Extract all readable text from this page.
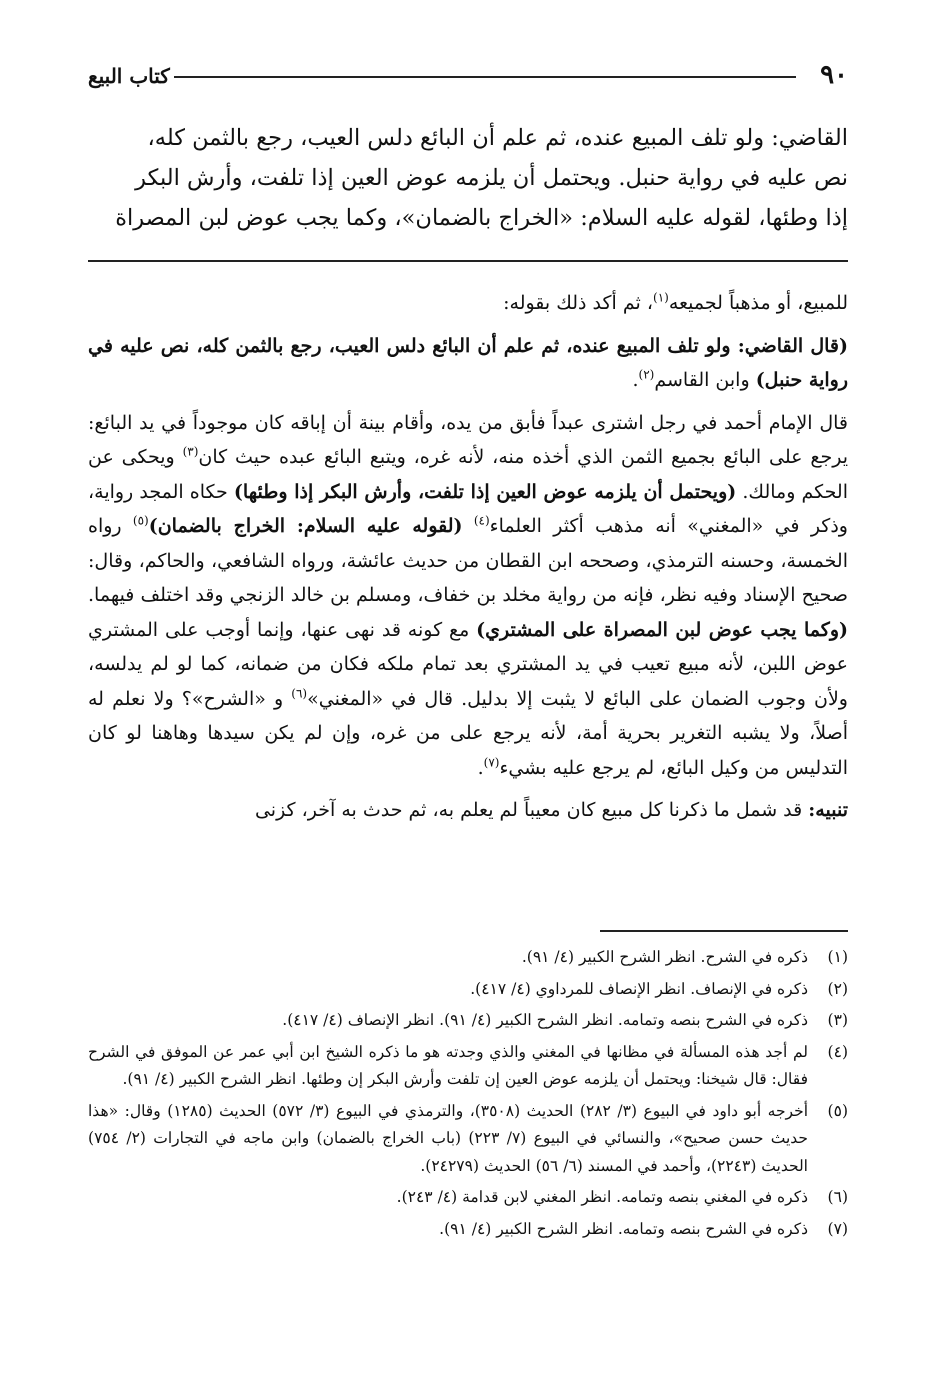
٩٠
كتاب البيع

القاضي: ولو تلف المبيع عنده، ثم علم أن البائع دلس العيب، رجع بالثمن كله،

نص عليه في رواية حنبل. ويحتمل أن يلزمه عوض العين إذا تلفت، وأرش البكر

إذا وطئها، لقوله عليه السلام: «الخراج بالضمان»، وكما يجب عوض لبن المصراة

للمبيع، أو مذهباً لجميعه$^{(١)}$، ثم أكد ذلك بقوله:

(قال القاضي: ولو تلف المبيع عنده، ثم علم أن البائع دلس العيب، رجع بالثمن كله، نص عليه في رواية حنبل) وابن القاسم$^{(٢)}$.

قال الإمام أحمد في رجل اشترى عبداً فأبق من يده، وأقام بينة أن إباقه كان موجوداً في يد البائع: يرجع على البائع بجميع الثمن الذي أخذه منه، لأنه غره، ويتبع البائع عبده حيث كان$^{(٣)}$ ويحكى عن الحكم ومالك. (ويحتمل أن يلزمه عوض العين إذا تلفت، وأرش البكر إذا وطئها) حكاه المجد رواية، وذكر في «المغني» أنه مذهب أكثر العلماء$^{(٤)}$ (لقوله عليه السلام: الخراج بالضمان)$^{(٥)}$ رواه الخمسة، وحسنه الترمذي، وصححه ابن القطان من حديث عائشة، ورواه الشافعي، والحاكم، وقال: صحيح الإسناد وفيه نظر، فإنه من رواية مخلد بن خفاف، ومسلم بن خالد الزنجي وقد اختلف فيهما. (وكما يجب عوض لبن المصراة على المشتري) مع كونه قد نهى عنها، وإنما أوجب على المشتري عوض اللبن، لأنه مبيع تعيب في يد المشتري بعد تمام ملكه فكان من ضمانه، كما لو لم يدلسه، ولأن وجوب الضمان على البائع لا يثبت إلا بدليل. قال في «المغني»$^{(٦)}$ و «الشرح»؟ ولا نعلم له أصلاً، ولا يشبه التغرير بحرية أمة، لأنه يرجع على من غره، وإن لم يكن سيدها وهاهنا لو كان التدليس من وكيل البائع، لم يرجع عليه بشيء$^{(٧)}$.

تنبيه: قد شمل ما ذكرنا كل مبيع كان معيباً لم يعلم به، ثم حدث به آخر، كزنى

(١)
ذكره في الشرح. انظر الشرح الكبير (٤/ ٩١).
(٢)
ذكره في الإنصاف. انظر الإنصاف للمرداوي (٤/ ٤١٧).
(٣)
ذكره في الشرح بنصه وتمامه. انظر الشرح الكبير (٤/ ٩١). انظر الإنصاف (٤/ ٤١٧).
(٤)
لم أجد هذه المسألة في مظانها في المغني والذي وجدته هو ما ذكره الشيخ ابن أبي عمر عن الموفق في الشرح فقال: قال شيخنا: ويحتمل أن يلزمه عوض العين إن تلفت وأرش البكر إن وطئها. انظر الشرح الكبير (٤/ ٩١).
(٥)
أخرجه أبو داود في البيوع (٣/ ٢٨٢) الحديث (٣٥٠٨)، والترمذي في البيوع (٣/ ٥٧٢) الحديث (١٢٨٥) وقال: «هذا حديث حسن صحيح»، والنسائي في البيوع (٧/ ٢٢٣) (باب الخراج بالضمان) وابن ماجه في التجارات (٢/ ٧٥٤) الحديث (٢٢٤٣)، وأحمد في المسند (٦/ ٥٦) الحديث (٢٤٢٧٩).
(٦)
ذكره في المغني بنصه وتمامه. انظر المغني لابن قدامة (٤/ ٢٤٣).
(٧)
ذكره في الشرح بنصه وتمامه. انظر الشرح الكبير (٤/ ٩١).
